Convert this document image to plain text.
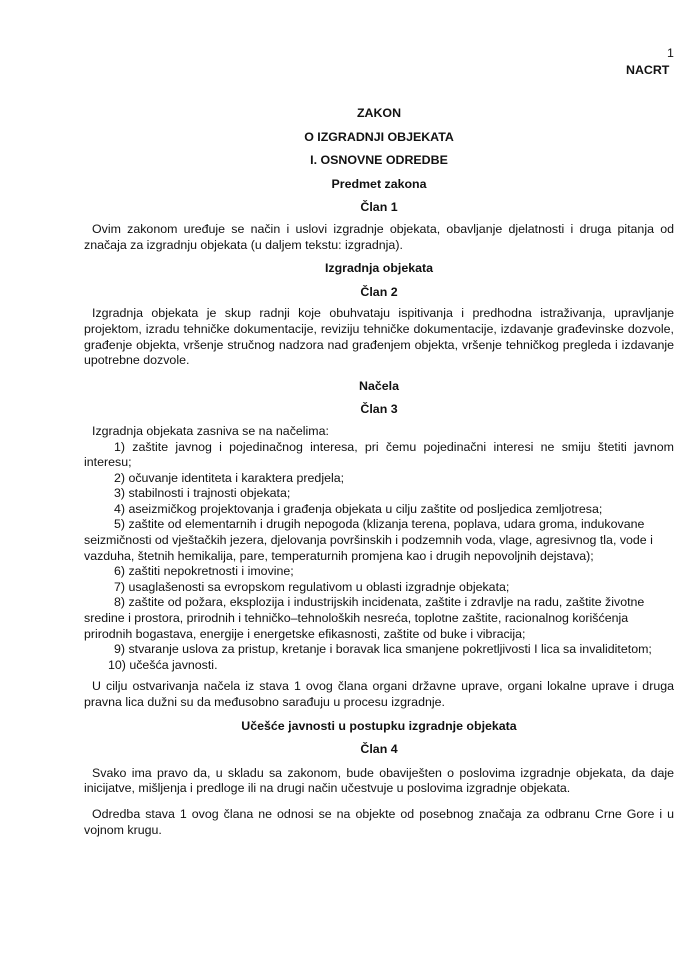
1
NACRT
ZAKON
O IZGRADNJI OBJEKATA
I. OSNOVNE ODREDBE
Predmet zakona
Član 1

Ovim zakonom uređuje se način i uslovi izgradnje objekata, obavljanje djelatnosti i druga pitanja od značaja za izgradnju objekata (u daljem tekstu: izgradnja).

Izgradnja objekata
Član 2

Izgradnja objekata je skup radnji koje obuhvataju ispitivanja i predhodna istraživanja, upravljanje projektom, izradu tehničke dokumentacije, reviziju tehničke dokumentacije, izdavanje građevinske dozvole, građenje objekta, vršenje stručnog nadzora nad građenjem objekta, vršenje tehničkog pregleda i izdavanje upotrebne dozvole.

Načela
Član 3

Izgradnja objekata zasniva se na načelima:

1) zaštite javnog i pojedinačnog interesa, pri čemu pojedinačni interesi ne smiju štetiti javnom interesu;

2) očuvanje identiteta i karaktera predjela;

3) stabilnosti i trajnosti objekata;

4) aseizmičkog projektovanja i građenja objekata u cilju zaštite od posljedica zemljotresa;

5) zaštite od elementarnih i drugih nepogoda (klizanja terena, poplava, udara groma, indukovane seizmičnosti od vještačkih jezera, djelovanja površinskih i podzemnih voda, vlage, agresivnog tla, vode i vazduha, štetnih hemikalija, pare, temperaturnih promjena kao i drugih nepovoljnih dejstava);

6) zaštiti nepokretnosti i imovine;

7) usaglašenosti sa evropskom regulativom u oblasti izgradnje objekata;

8) zaštite od požara, eksplozija i industrijskih incidenata, zaštite i zdravlje na radu, zaštite životne sredine i prostora, prirodnih i tehničko–tehnoloških nesreća, toplotne zaštite, racionalnog korišćenja prirodnih bogastava, energije i energetske efikasnosti, zaštite od buke i vibracija;

9) stvaranje uslova za pristup, kretanje i boravak lica smanjene pokretljivosti I lica sa invaliditetom;

10) učešća javnosti.

U cilju ostvarivanja načela iz stava 1 ovog člana organi državne uprave, organi lokalne uprave i druga pravna lica dužni su da međusobno sarađuju u procesu izgradnje.

Učešće javnosti u postupku izgradnje objekata
Član 4

Svako ima pravo da, u skladu sa zakonom, bude obaviješten o poslovima izgradnje objekata, da daje inicijatve, mišljenja i predloge ili na drugi način učestvuje u poslovima izgradnje objekata.

Odredba stava 1 ovog člana ne odnosi se na objekte od posebnog značaja za odbranu Crne Gore i u vojnom krugu.
